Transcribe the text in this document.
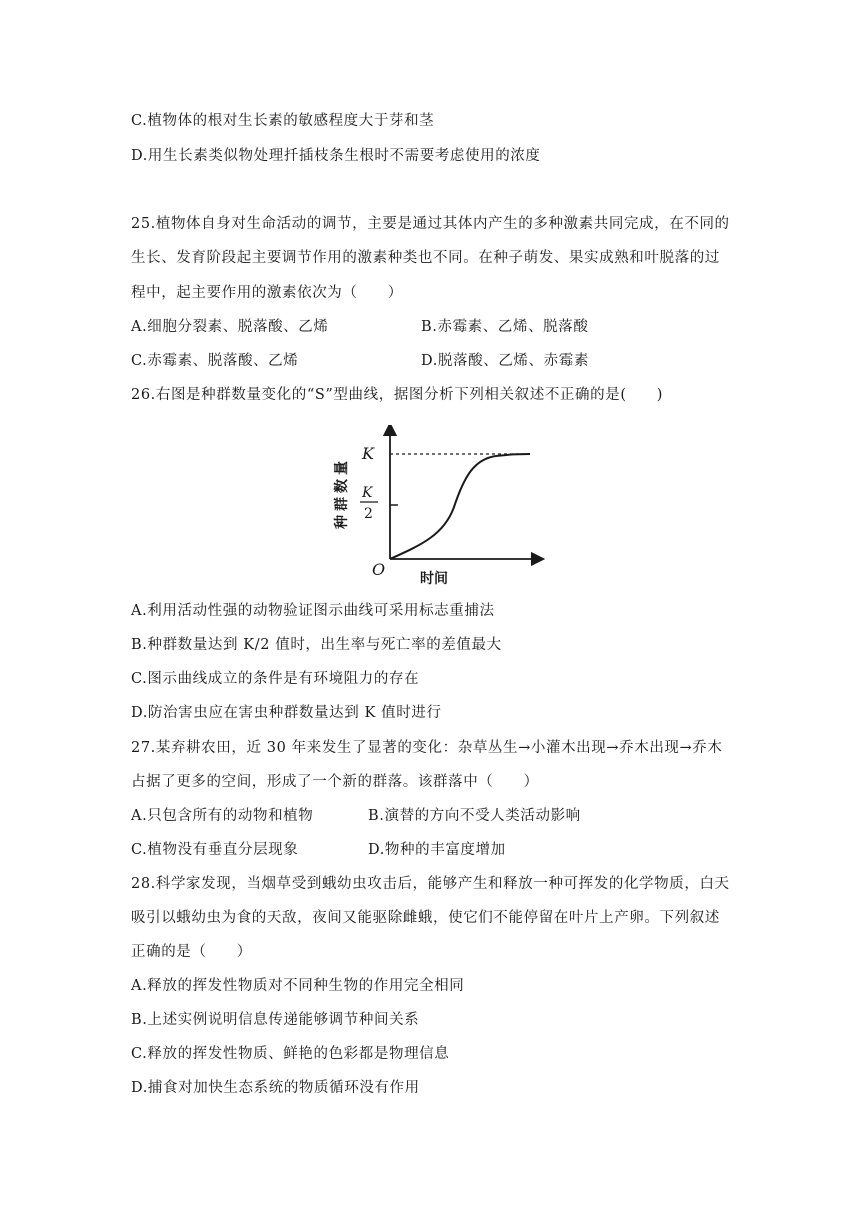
C.植物体的根对生长素的敏感程度大于芽和茎
D.用生长素类似物处理扦插枝条生根时不需要考虑使用的浓度
25.植物体自身对生命活动的调节，主要是通过其体内产生的多种激素共同完成，在不同的
生长、发育阶段起主要调节作用的激素种类也不同。在种子萌发、果实成熟和叶脱落的过
程中，起主要作用的激素依次为（　　）
A.细胞分裂素、脱落酸、乙烯	B.赤霉素、乙烯、脱落酸
C.赤霉素、脱落酸、乙烯	D.脱落酸、乙烯、赤霉素
26.右图是种群数量变化的“S”型曲线，据图分析下列相关叙述不正确的是(　　)
K
K
2
O 时间
种群数量
A.利用活动性强的动物验证图示曲线可采用标志重捕法
B.种群数量达到 K/2 值时，出生率与死亡率的差值最大
C.图示曲线成立的条件是有环境阻力的存在
D.防治害虫应在害虫种群数量达到 K 值时进行
27.某弃耕农田，近 30 年来发生了显著的变化：杂草丛生→小灌木出现→乔木出现→乔木
占据了更多的空间，形成了一个新的群落。该群落中（　　）
A.只包含所有的动物和植物	B.演替的方向不受人类活动影响
C.植物没有垂直分层现象	D.物种的丰富度增加
28.科学家发现，当烟草受到蛾幼虫攻击后，能够产生和释放一种可挥发的化学物质，白天
吸引以蛾幼虫为食的天敌，夜间又能驱除雌蛾，使它们不能停留在叶片上产卵。下列叙述
正确的是（　　）
A.释放的挥发性物质对不同种生物的作用完全相同
B.上述实例说明信息传递能够调节种间关系
C.释放的挥发性物质、鲜艳的色彩都是物理信息
D.捕食对加快生态系统的物质循环没有作用
